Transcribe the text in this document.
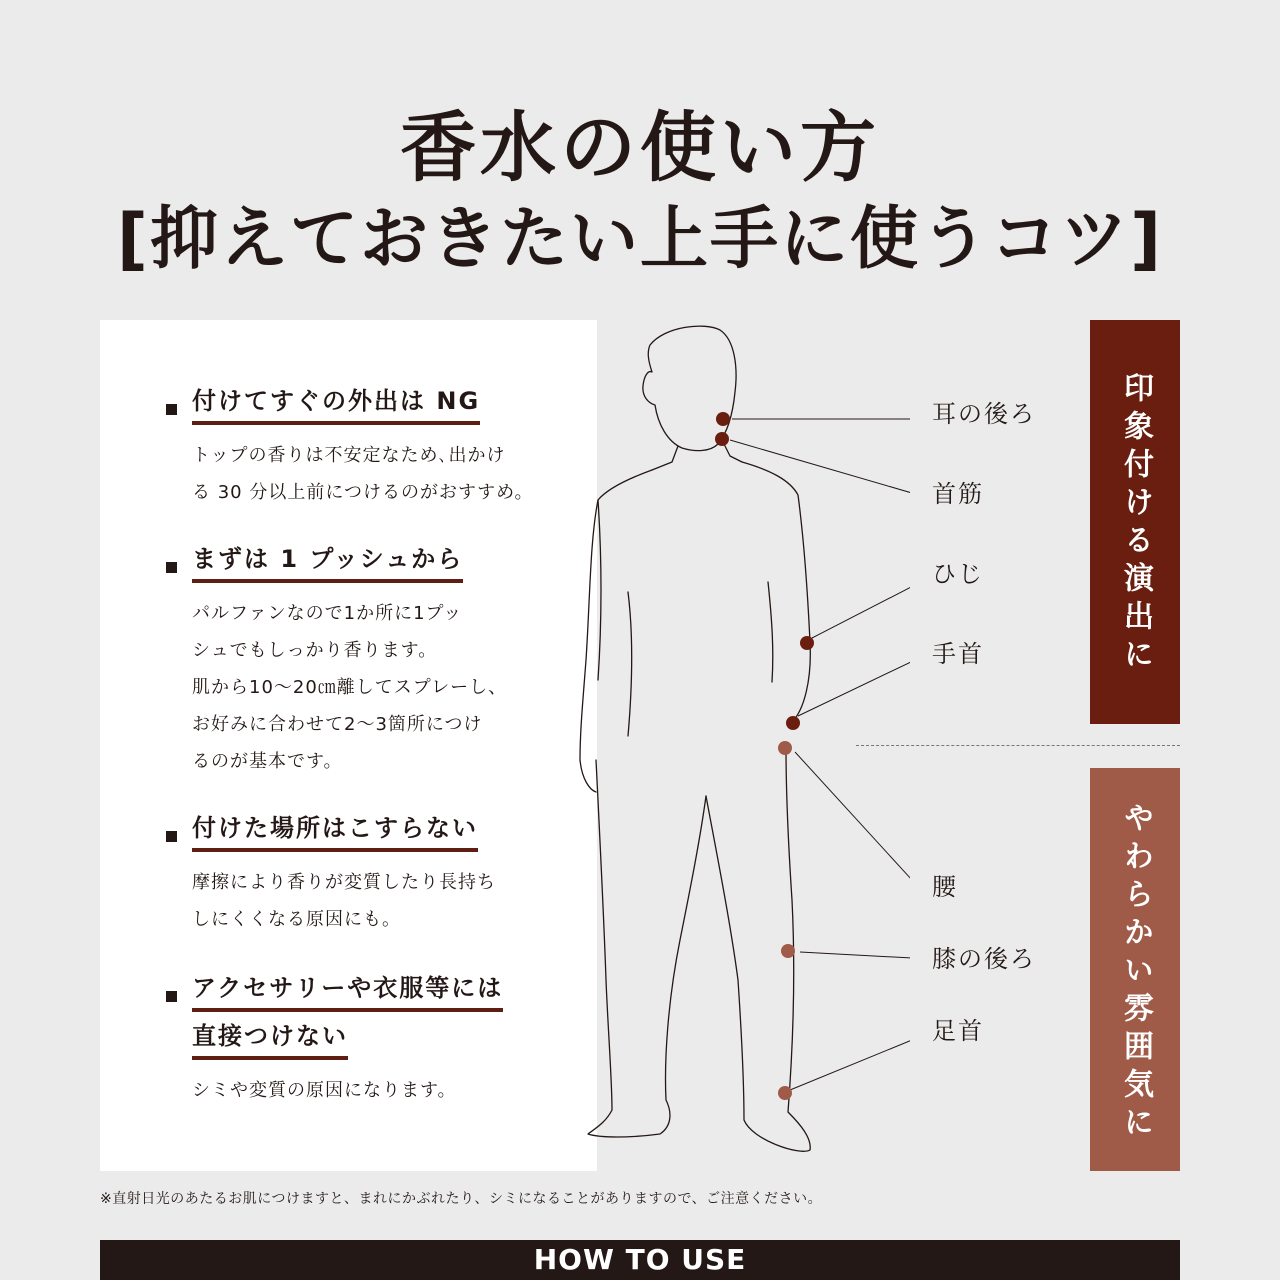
香水の使い方
[抑えておきたい上手に使うコツ]
付けてすぐの外出は NG
トップの香りは不安定なため､出かけ
る 30 分以上前につけるのがおすすめ。
まずは 1 プッシュから
パルファンなので1か所に1プッ
シュでもしっかり香ります。
肌から10〜20㎝離してスプレーし、
お好みに合わせて2〜3箇所につけ
るのが基本です。
付けた場所はこすらない
摩擦により香りが変質したり長持ち
しにくくなる原因にも。
アクセサリーや衣服等には
直接つけない
シミや変質の原因になります。
耳の後ろ
首筋
ひじ
手首
腰
膝の後ろ
足首
印象付ける演出に
やわらかい雰囲気に
※直射日光のあたるお肌につけますと、まれにかぶれたり、シミになることがありますので、ご注意ください。
HOW TO USE
